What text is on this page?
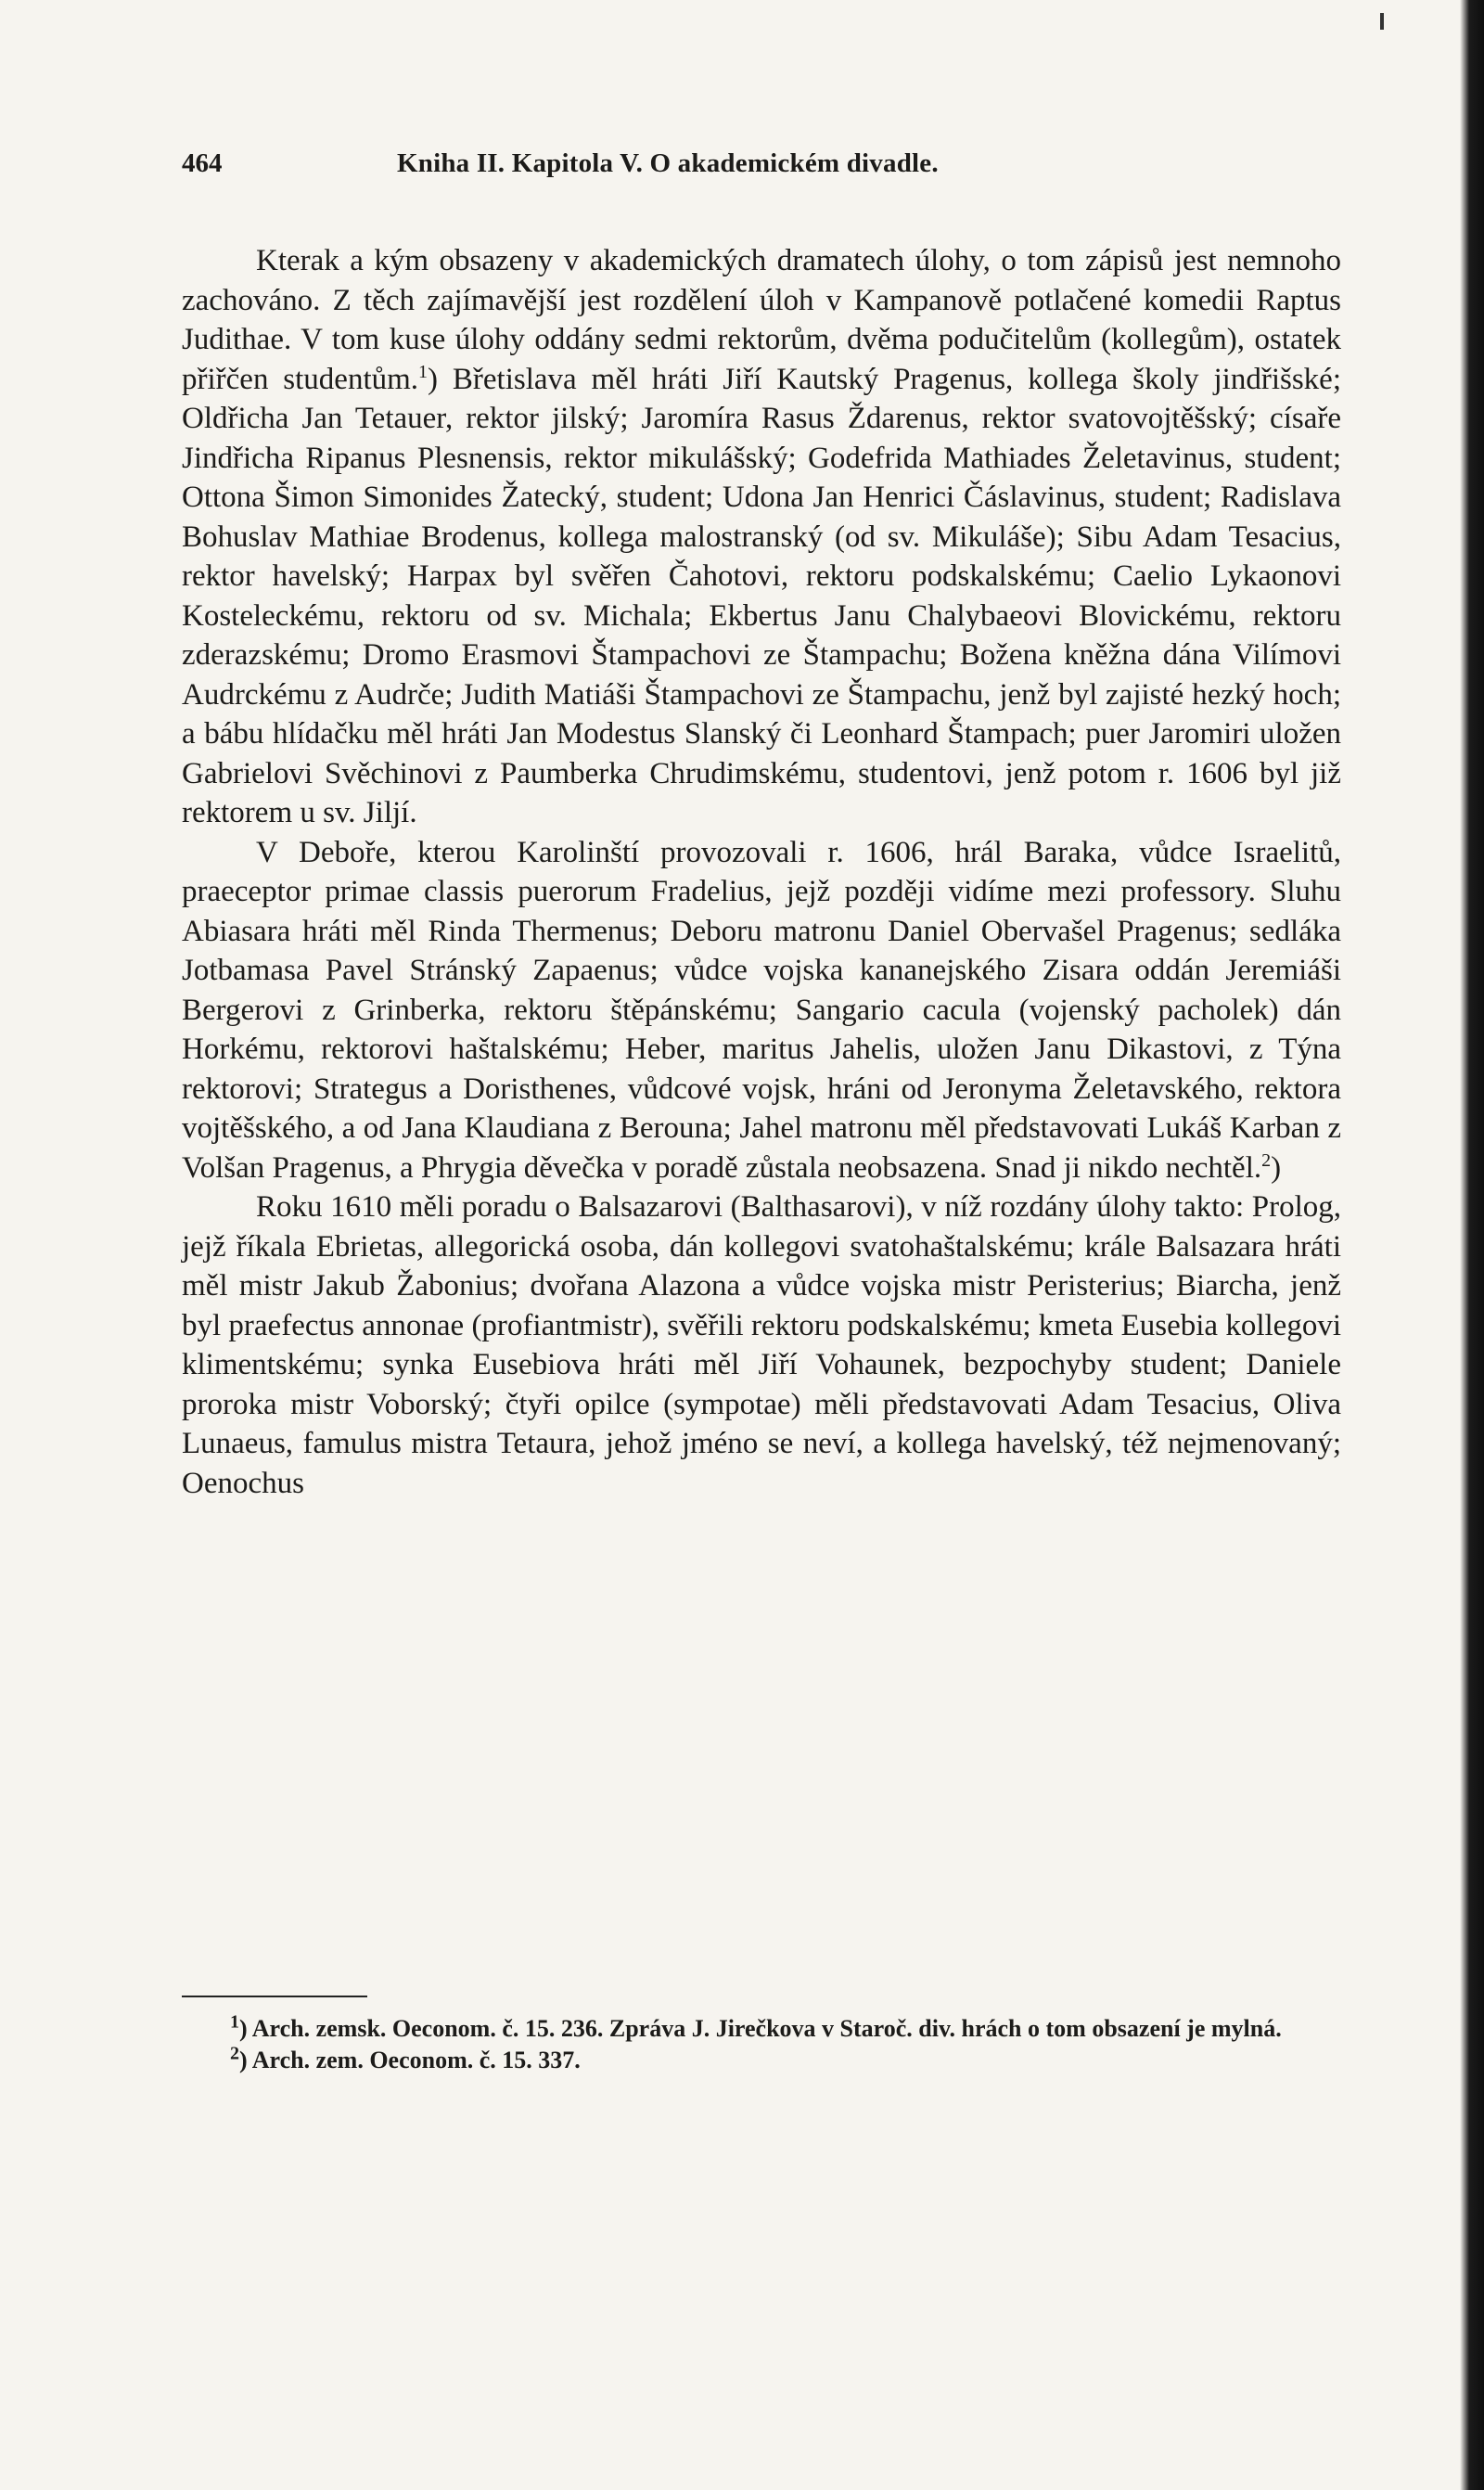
464	Kniha II. Kapitola V. O akademickém divadle.

Kterak a kým obsazeny v akademických dramatech úlohy, o tom zápisů jest nemnoho zachováno. Z těch zajímavější jest rozdělení úloh v Kampanově potlačené komedii Raptus Judithae. V tom kuse úlohy oddány sedmi rektorům, dvěma podučitelům (kollegům), ostatek přiřčen studentům.$^1$) Břetislava měl hráti Jiří Kautský Pragenus, kollega školy jindřišské; Oldřicha Jan Tetauer, rektor jilský; Jaromíra Rasus Ždarenus, rektor svatovojtěšský; císaře Jindřicha Ripanus Plesnensis, rektor mikulášský; Godefrida Mathiades Želetavinus, student; Ottona Šimon Simonides Žatecký, student; Udona Jan Henrici Čáslavinus, student; Radislava Bohuslav Mathiae Brodenus, kollega malostranský (od sv. Mikuláše); Sibu Adam Tesacius, rektor havelský; Harpax byl svěřen Čahotovi, rektoru podskalskému; Caelio Lykaonovi Kosteleckému, rektoru od sv. Michala; Ekbertus Janu Chalybaeovi Blovickému, rektoru zderazskému; Dromo Erasmovi Štampachovi ze Štampachu; Božena kněžna dána Vilímovi Audrckému z Audrče; Judith Matiáši Štampachovi ze Štampachu, jenž byl zajisté hezký hoch; a bábu hlídačku měl hráti Jan Modestus Slanský či Leonhard Štampach; puer Jaromiri uložen Gabrielovi Svěchinovi z Paumberka Chrudimskému, studentovi, jenž potom r. 1606 byl již rektorem u sv. Jiljí.

V Deboře, kterou Karolinští provozovali r. 1606, hrál Baraka, vůdce Israelitů, praeceptor primae classis puerorum Fradelius, jejž později vidíme mezi professory. Sluhu Abiasara hráti měl Rinda Thermenus; Deboru matronu Daniel Obervašel Pragenus; sedláka Jotbamasa Pavel Stránský Zapaenus; vůdce vojska kananejského Zisara oddán Jeremiáši Bergerovi z Grinberka, rektoru štěpánskému; Sangario cacula (vojenský pacholek) dán Horkému, rektorovi haštalskému; Heber, maritus Jahelis, uložen Janu Dikastovi, z Týna rektorovi; Strategus a Doristhenes, vůdcové vojsk, hráni od Jeronyma Želetavského, rektora vojtěšského, a od Jana Klaudiana z Berouna; Jahel matronu měl představovati Lukáš Karban z Volšan Pragenus, a Phrygia děvečka v poradě zůstala neobsazena. Snad ji nikdo nechtěl.$^2$)

Roku 1610 měli poradu o Balsazarovi (Balthasarovi), v níž rozdány úlohy takto: Prolog, jejž říkala Ebrietas, allegorická osoba, dán kollegovi svatohaštalskému; krále Balsazara hráti měl mistr Jakub Žabonius; dvořana Alazona a vůdce vojska mistr Peristerius; Biarcha, jenž byl praefectus annonae (profiantmistr), svěřili rektoru podskalskému; kmeta Eusebia kollegovi klimentskému; synka Eusebiova hráti měl Jiří Vohaunek, bezpochyby student; Daniele proroka mistr Voborský; čtyři opilce (sympotae) měli představovati Adam Tesacius, Oliva Lunaeus, famulus mistra Tetaura, jehož jméno se neví, a kollega havelský, též nejmenovaný; Oenochus

$^1$) Arch. zemsk. Oeconom. č. 15. 236. Zpráva J. Jirečkova v Staroč. div. hrách o tom obsazení je mylná.

$^2$) Arch. zem. Oeconom. č. 15. 337.
